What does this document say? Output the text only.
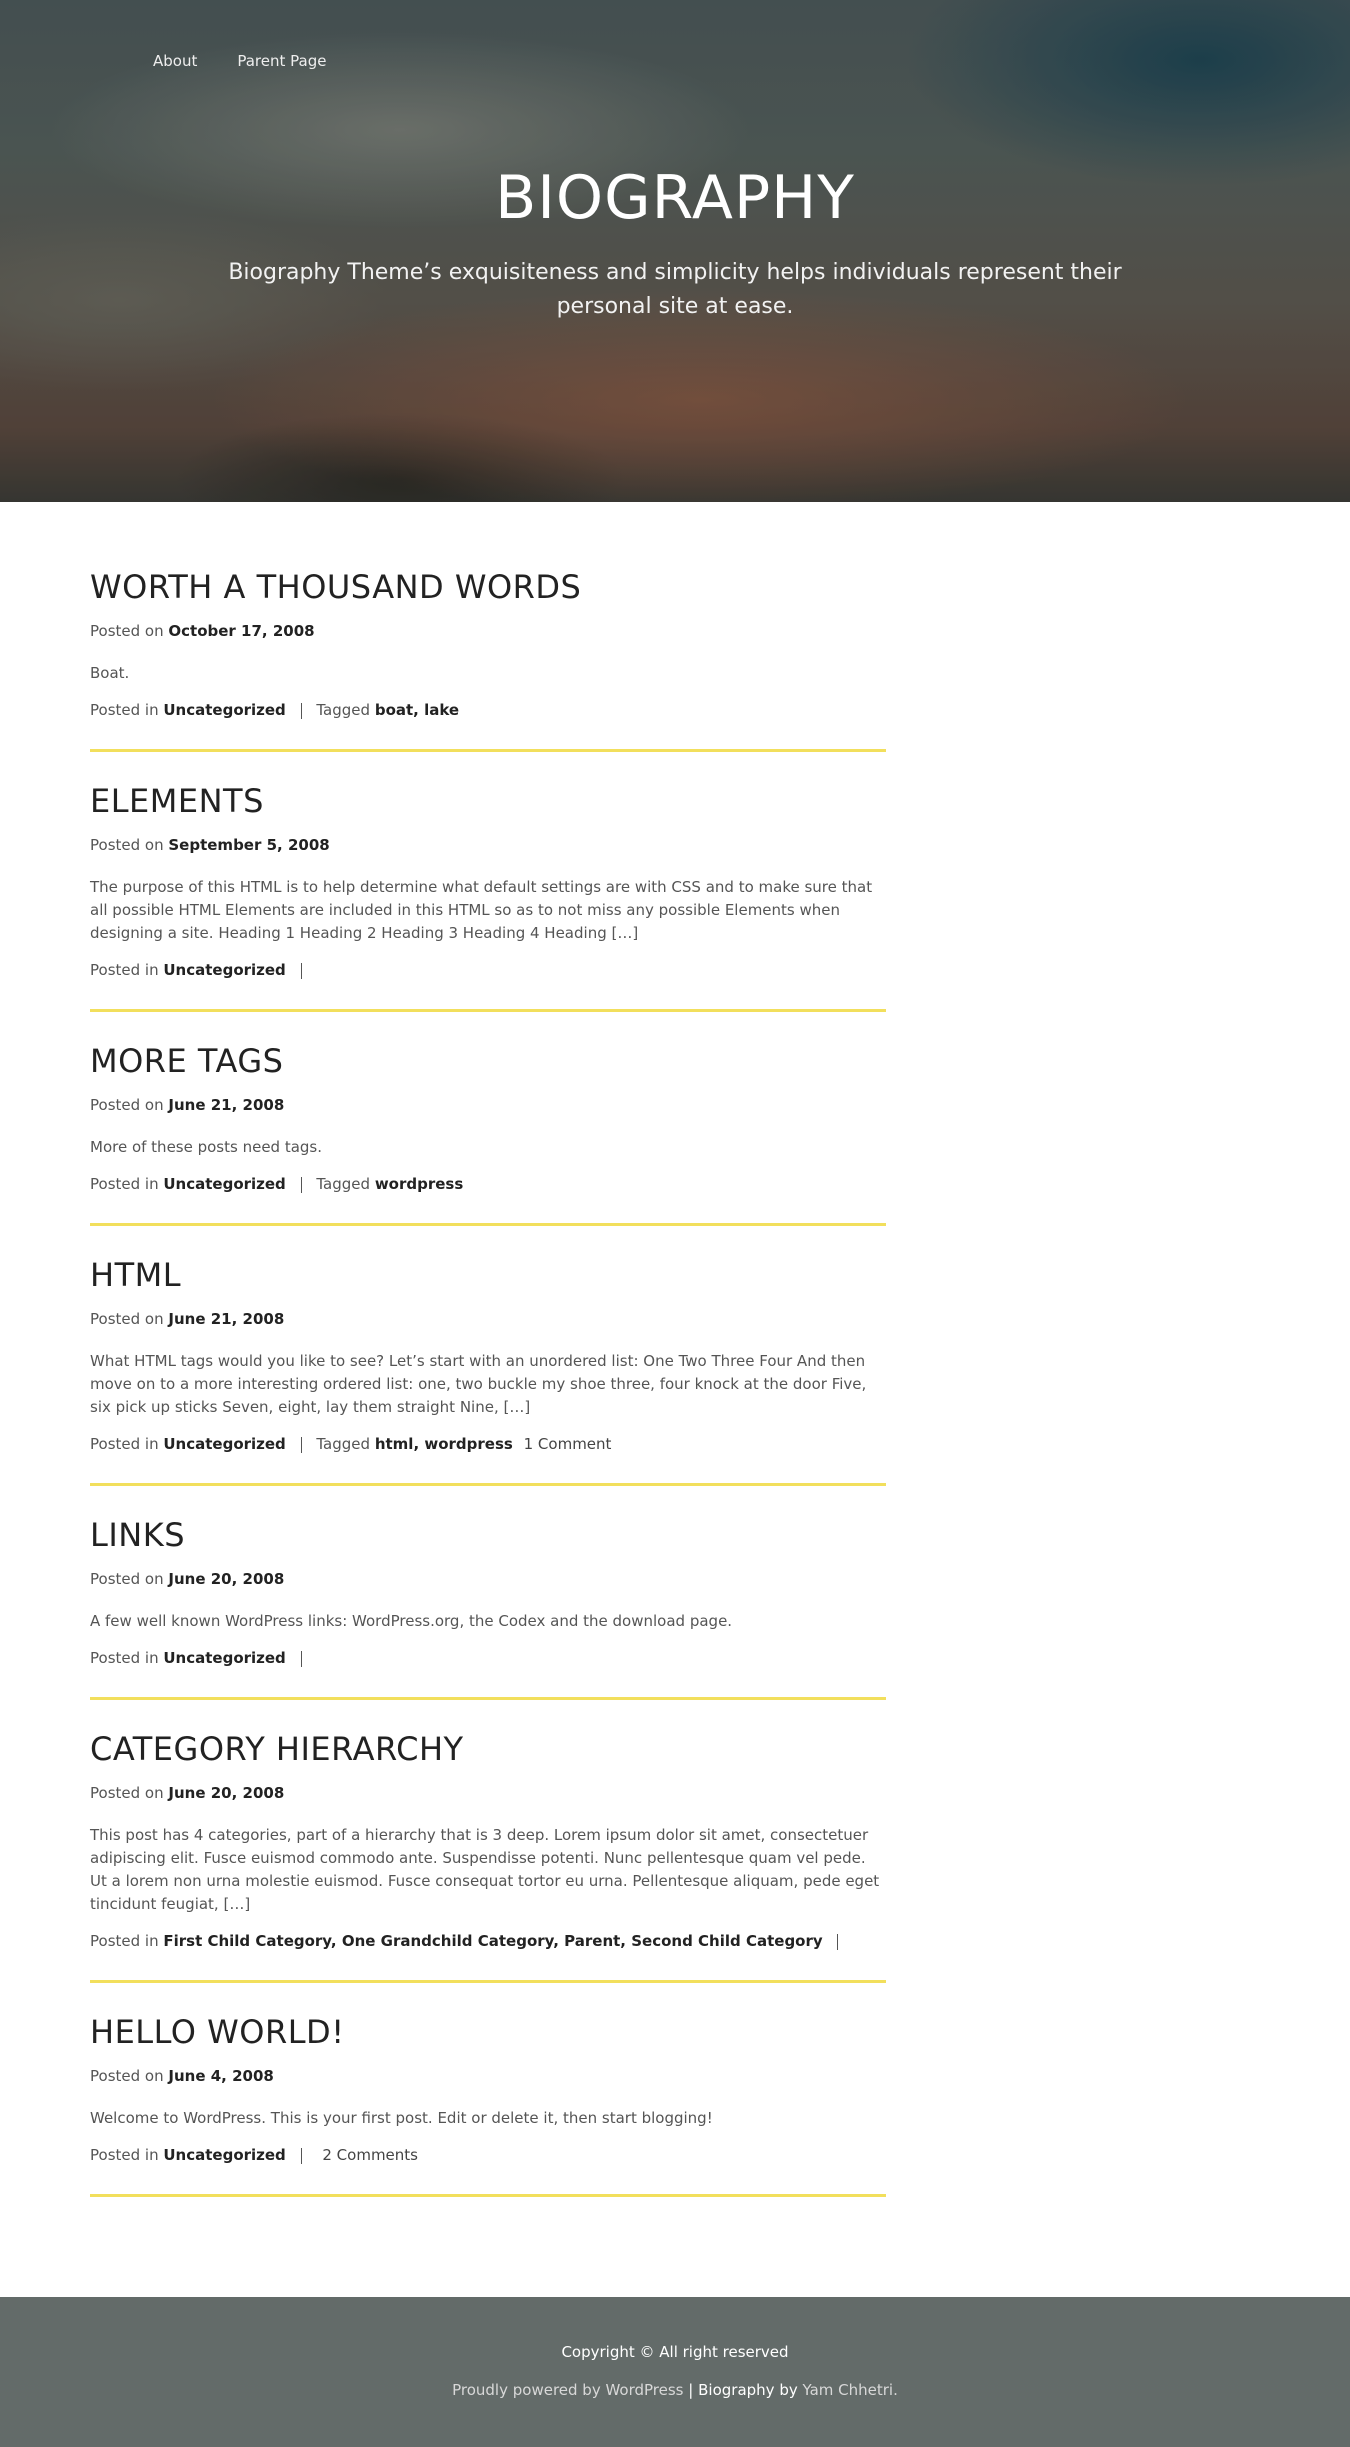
About	Parent Page
BIOGRAPHY

Biography Theme’s exquisiteness and simplicity helps individuals represent their personal site at ease.

WORTH A THOUSAND WORDS
Posted on October 17, 2008

Boat.

Posted in Uncategorized Tagged boat, lake
ELEMENTS
Posted on September 5, 2008

The purpose of this HTML is to help determine what default settings are with CSS and to make sure that all possible HTML Elements are included in this HTML so as to not miss any possible Elements when designing a site. Heading 1 Heading 2 Heading 3 Heading 4 Heading […]

Posted in Uncategorized
MORE TAGS
Posted on June 21, 2008

More of these posts need tags.

Posted in Uncategorized Tagged wordpress
HTML
Posted on June 21, 2008

What HTML tags would you like to see? Let’s start with an unordered list: One Two Three Four And then move on to a more interesting ordered list: one, two buckle my shoe three, four knock at the door Five, six pick up sticks Seven, eight, lay them straight Nine, […]

Posted in Uncategorized Tagged html, wordpress 1 Comment
LINKS
Posted on June 20, 2008

A few well known WordPress links: WordPress.org, the Codex and the download page.

Posted in Uncategorized
CATEGORY HIERARCHY
Posted on June 20, 2008

This post has 4 categories, part of a hierarchy that is 3 deep. Lorem ipsum dolor sit amet, consectetuer adipiscing elit. Fusce euismod commodo ante. Suspendisse potenti. Nunc pellentesque quam vel pede. Ut a lorem non urna molestie euismod. Fusce consequat tortor eu urna. Pellentesque aliquam, pede eget tincidunt feugiat, […]

Posted in First Child Category, One Grandchild Category, Parent, Second Child Category
HELLO WORLD!
Posted on June 4, 2008

Welcome to WordPress. This is your first post. Edit or delete it, then start blogging!

Posted in Uncategorized 2 Comments
Copyright © All right reserved
Proudly powered by WordPress | Biography by Yam Chhetri.
